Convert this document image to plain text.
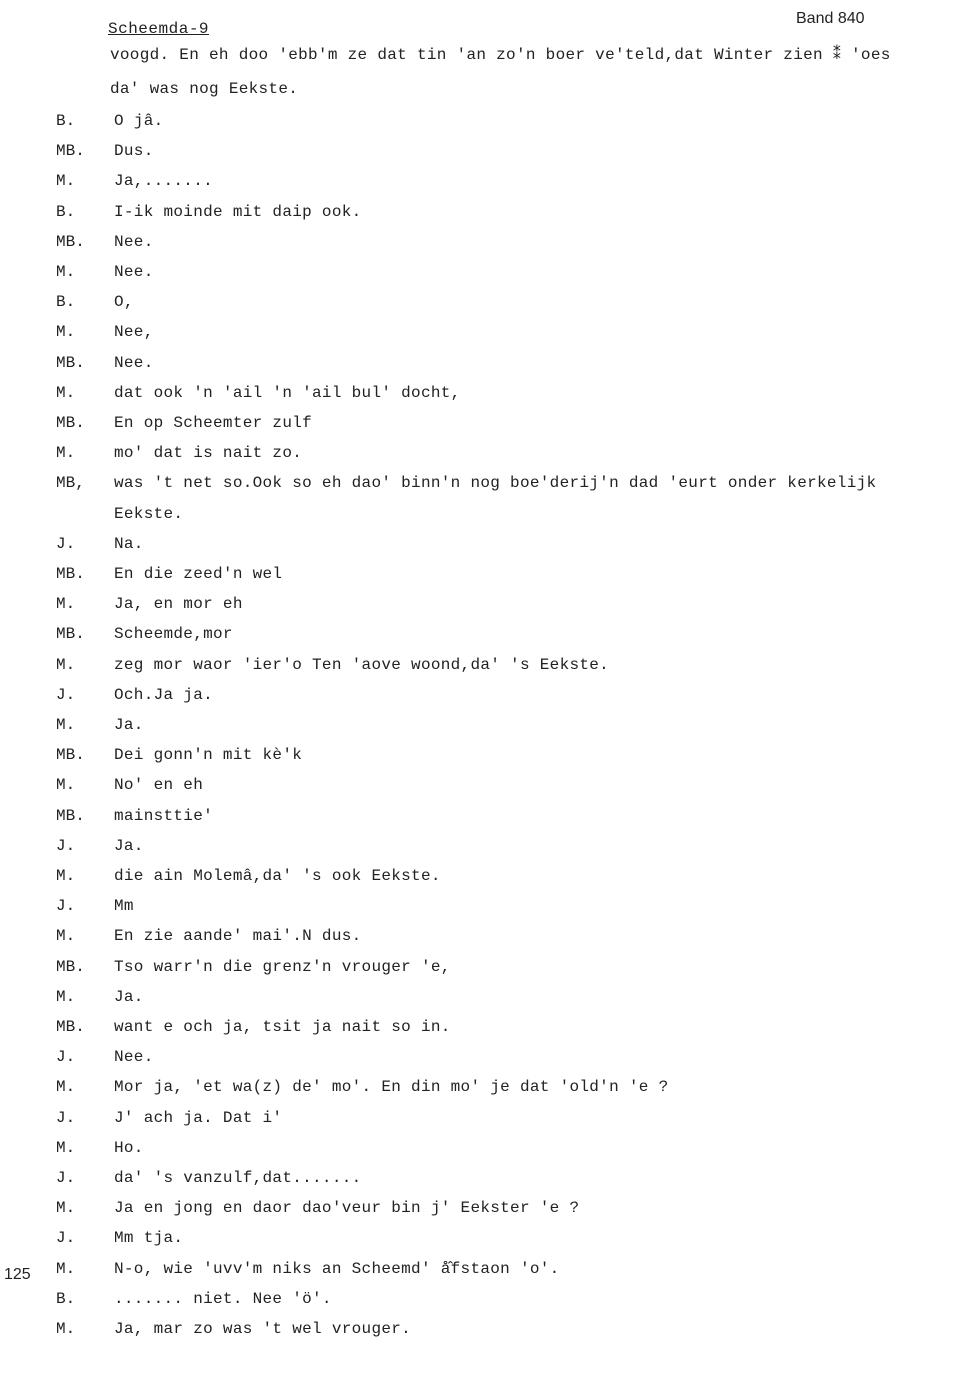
Scheemda-9
Band 840
voogd. En eh doo 'ebb'm ze dat tin 'an zo'n boer ve'teld,dat Winter zien ⁑ 'oes
da' was nog Eekste.
B.	O jâ.
MB.	Dus.
M.	Ja,.......
B.	I-ik moinde mit daip ook.
MB.	Nee.
M.	Nee.
B.	O,
M.	Nee,
MB.	Nee.
M.	dat ook 'n 'ail 'n 'ail bul' docht,
MB.	En op Scheemter zulf
M.	mo' dat is nait zo.
MB,	was 't net so.Ook so eh dao' binn'n nog boe'derij'n dad 'eurt onder kerkelijk
Eekste.
J.	Na.
MB.	En die zeed'n wel
M.	Ja, en mor eh
MB.	Scheemde,mor
M.	zeg mor waor 'ier'o Ten 'aove woond,da' 's Eekste.
J.	Och.Ja ja.
M.	Ja.
MB.	Dei gonn'n mit kè'k
M.	No' en eh
MB.	mainsttie'
J.	Ja.
M.	die ain Molemâ,da' 's ook Eekste.
J.	Mm
M.	En zie aande' mai'.N dus.
MB.	Tso warr'n die grenz'n vrouger 'e,
M.	Ja.
MB.	want e och ja, tsit ja nait so in.
J.	Nee.
M.	Mor ja, 'et wa(z) de' mo'. En din mo' je dat 'old'n 'e ?
J.	J' ach ja. Dat i'
M.	Ho.
J.	da' 's vanzulf,dat.......
M.	Ja en jong en daor dao'veur bin j' Eekster 'e ?
J.	Mm tja.
M.	N-o, wie 'uvv'm niks an Scheemd' å̂fstaon 'o'.
B.	....... niet. Nee 'ö'.
M.	Ja, mar zo was 't wel vrouger.
125
